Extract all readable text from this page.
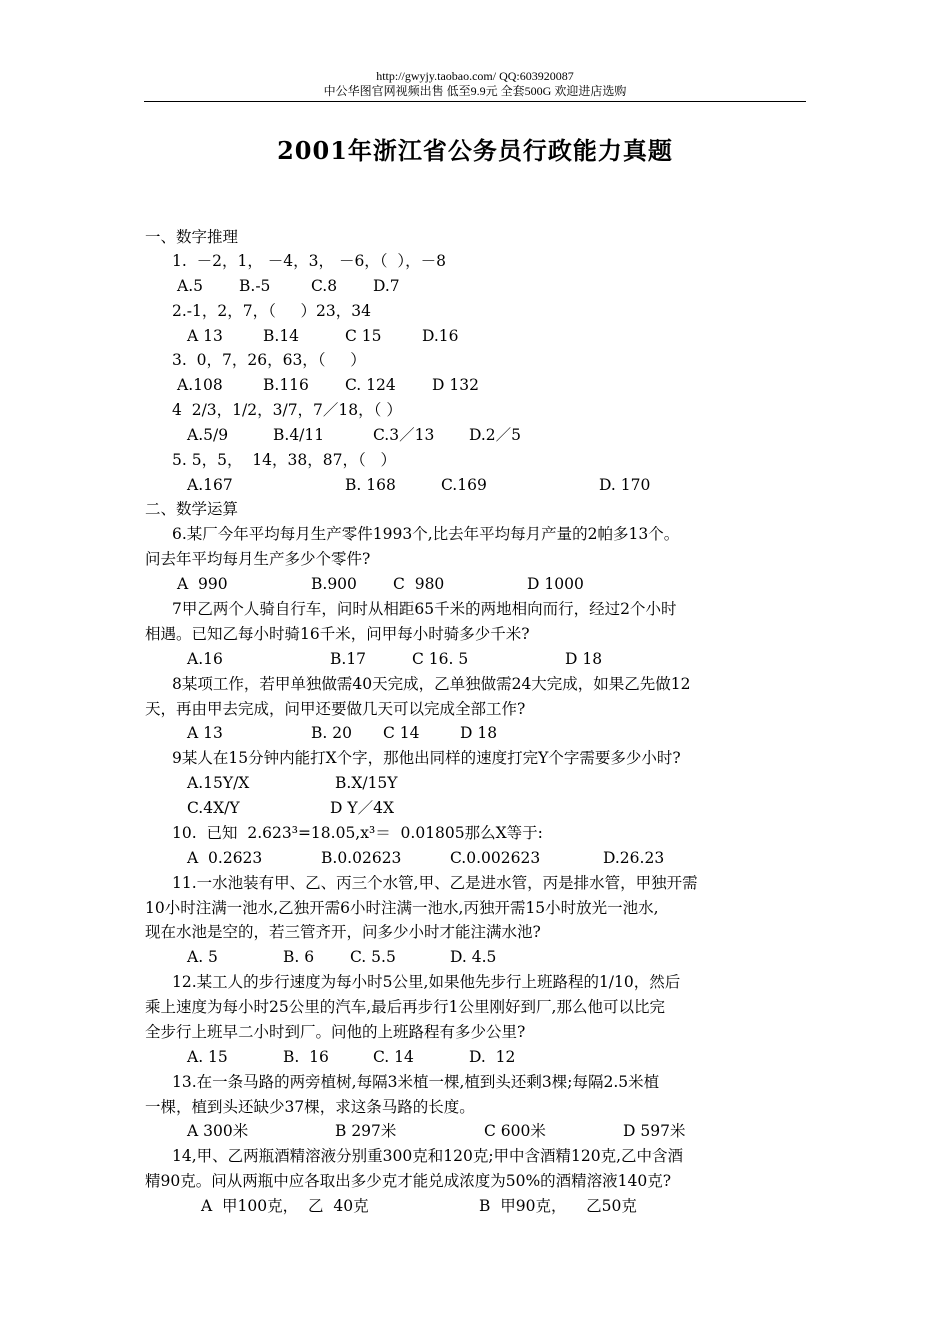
http://gwyjy.taobao.com/ QQ:603920087
中公华图官网视频出售 低至9.9元 全套500G 欢迎进店选购
2001年浙江省公务员行政能力真题
一、数字推理
1.  －2，1， －4，3， －6，（  ），－8
A.5 B.-5	C.8 D.7
2.-1，2，7，（     ）23，34
A 13	B.14	C 15	D.16
3.  0，7，26，63，（     ）
A.108	B.116 C. 124 D 132
4  2/3，1/2，3/7，7／18，（ ）
A.5/9	B.4/11	C.3／13 D.2／5
5. 5，5，  14，38，87，（   ）
A.167	B. 168	C.169	D. 170
二、数学运算
6.某厂今年平均每月生产零件1993个,比去年平均每月产量的2帕多13个。
问去年平均每月生产多少个零件?
A  990	B.900 C  980	D 1000
7甲乙两个人骑自行车，问时从相距65千米的两地相向而行，经过2个小时
相遇。已知乙每小时骑16千米，问甲每小时骑多少千米?
A.16	B.17	C 16. 5	D 18
8某项工作，若甲单独做需40天完成，乙单独做需24大完成，如果乙先做12
天，再由甲去完成，问甲还要做几天可以完成全部工作?
A 13	B. 20 C 14	D 18
9某人在15分钟内能打X个字，那他出同样的速度打完Y个字需要多少小时?
A.15Y/X	B.X/15Y
C.4X/Y	D Y／4X
10.  已知  2.623³=18.05,x³＝  0.01805那么X等于:
A  0.2623	B.0.02623	C.0.002623	D.26.23
11.一水池装有甲、乙、丙三个水管,甲、乙是进水管，丙是排水管，甲独开需
10小时注满一池水,乙独开需6小时注满一池水,丙独开需15小时放光一池水,
现在水池是空的，若三管齐开，问多少小时才能注满水池?
A. 5	B. 6 C. 5.5	D. 4.5
12.某工人的步行速度为每小时5公里,如果他先步行上班路程的1/10，然后
乘上速度为每小时25公里的汽车,最后再步行1公里刚好到厂,那么他可以比完
全步行上班早二小时到厂。问他的上班路程有多少公里?
A. 15	B.  16	C. 14	D.  12
13.在一条马路的两旁植树,每隔3米植一棵,植到头还剩3棵;每隔2.5米植
一棵，植到头还缺少37棵，求这条马路的长度。
A 300米	B 297米	C 600米	D 597米
14,甲、乙两瓶酒精溶液分别重300克和120克;甲中含酒精120克,乙中含酒
精90克。问从两瓶中应各取出多少克才能兑成浓度为50%的酒精溶液140克?
A  甲100克，  乙  40克	B  甲90克，    乙50克
